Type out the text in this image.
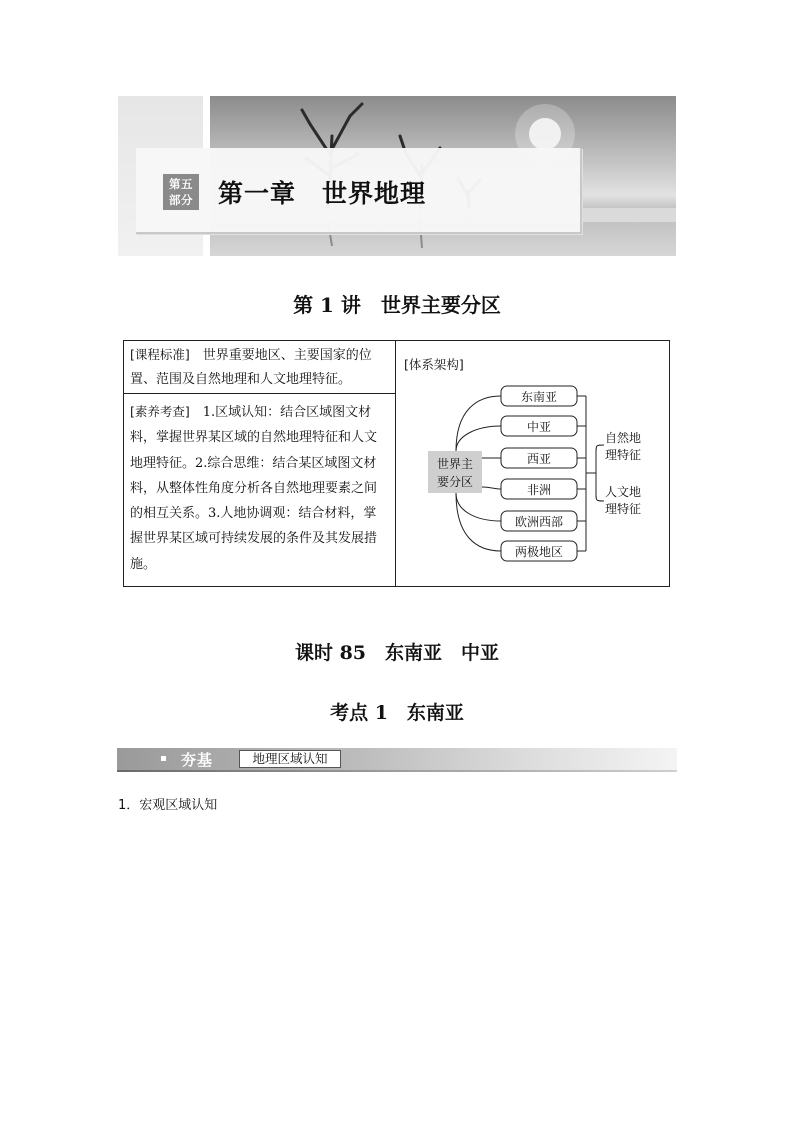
第五
部分 第一章　世界地理
第 1 讲　世界主要分区
[课程标准]　世界重要地区、主要国家的位置、范围及自然地理和人文地理特征。
[素养考查]　1.区域认知：结合区域图文材料，掌握世界某区域的自然地理特征和人文地理特征。2.综合思维：结合某区域图文材料，从整体性角度分析各自然地理要素之间的相互关系。3.人地协调观：结合材料，掌握世界某区域可持续发展的条件及其发展措施。
[体系架构]
世界主
要分区
东南亚
中亚
西亚
非洲
欧洲西部
两极地区
自然地
理特征
人文地
理特征
课时 85　东南亚　中亚
考点 1　东南亚
夯基	地理区域认知
1．宏观区域认知
